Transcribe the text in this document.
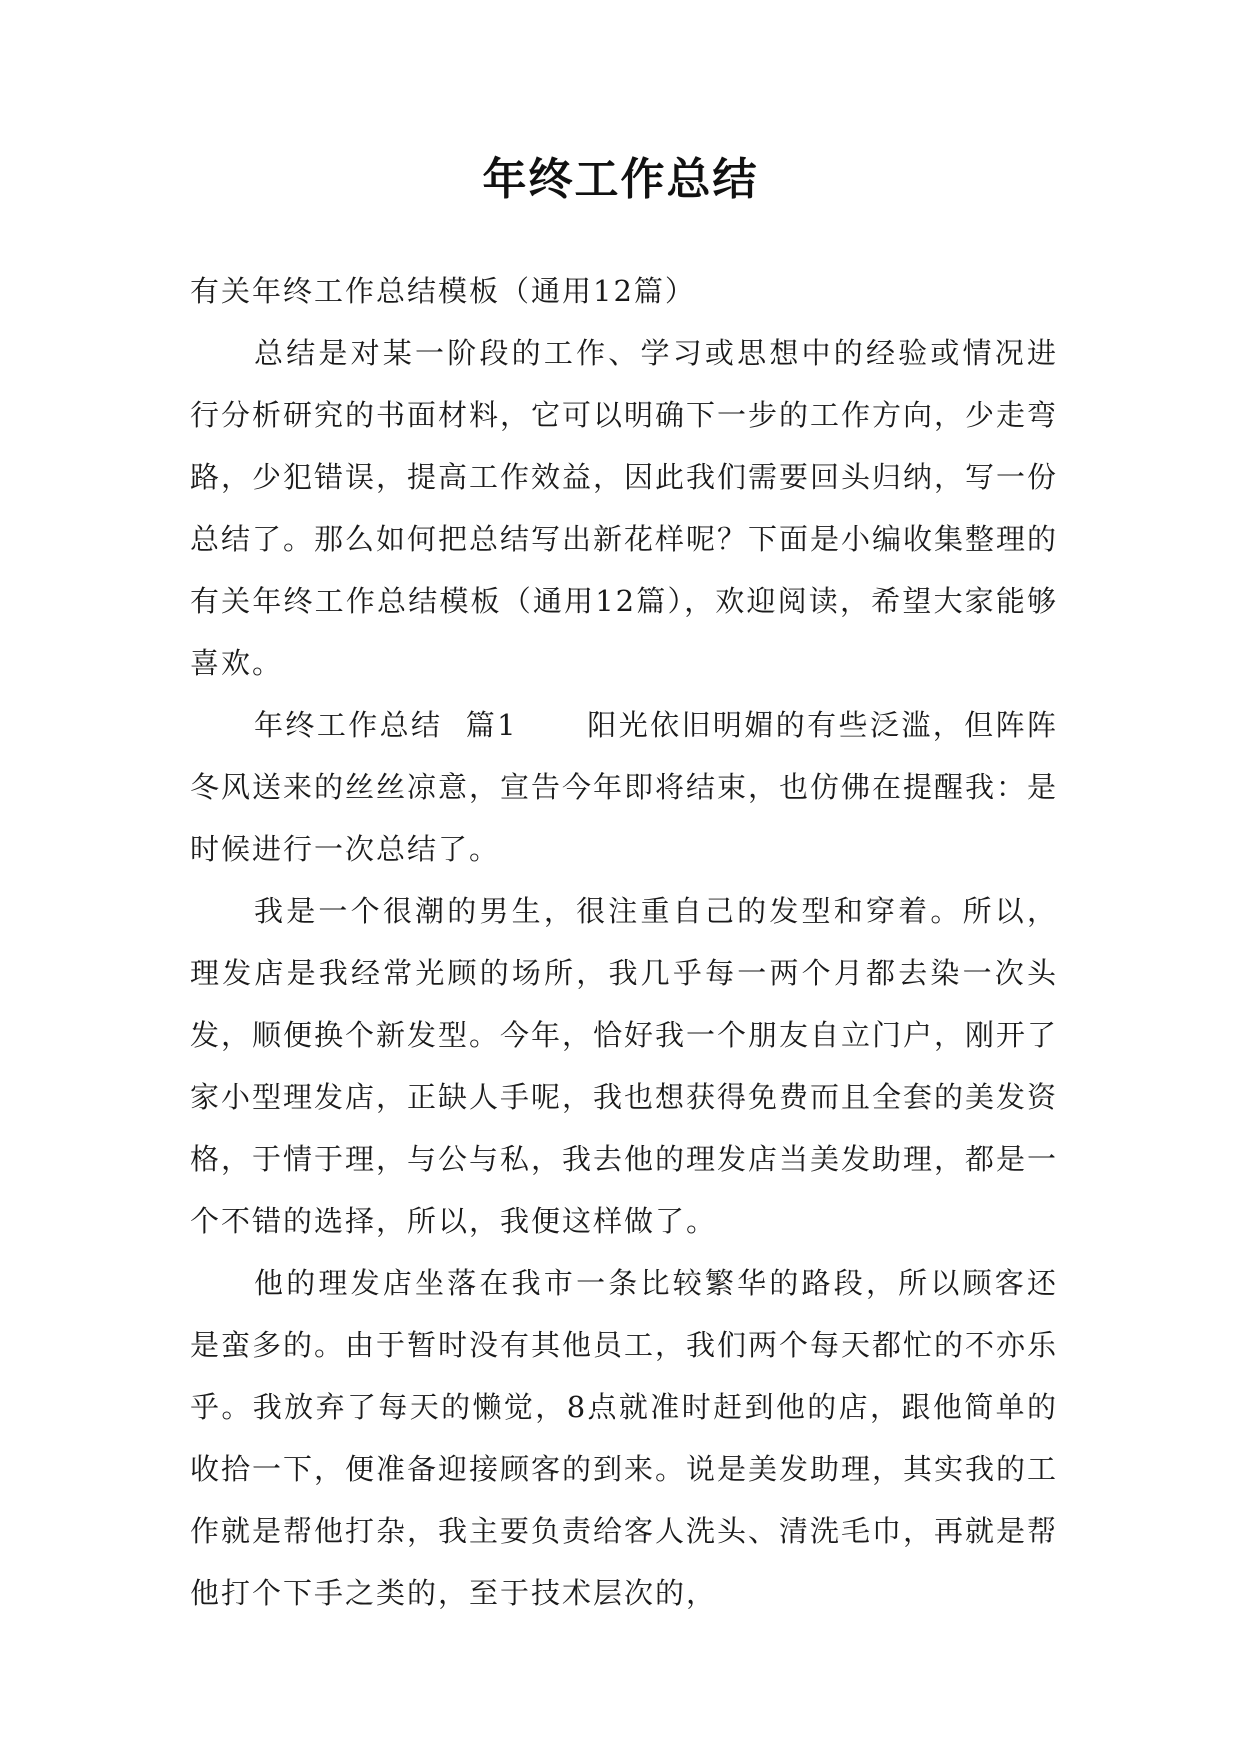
年终工作总结

有关年终工作总结模板（通用12篇）

总结是对某一阶段的工作、学习或思想中的经验或情况进行分析研究的书面材料，它可以明确下一步的工作方向，少走弯路，少犯错误，提高工作效益，因此我们需要回头归纳，写一份总结了。那么如何把总结写出新花样呢？下面是小编收集整理的有关年终工作总结模板（通用12篇），欢迎阅读，希望大家能够喜欢。

年终工作总结  篇1      阳光依旧明媚的有些泛滥，但阵阵冬风送来的丝丝凉意，宣告今年即将结束，也仿佛在提醒我：是时候进行一次总结了。

我是一个很潮的男生，很注重自己的发型和穿着。所以，理发店是我经常光顾的场所，我几乎每一两个月都去染一次头发，顺便换个新发型。今年，恰好我一个朋友自立门户，刚开了家小型理发店，正缺人手呢，我也想获得免费而且全套的美发资格，于情于理，与公与私，我去他的理发店当美发助理，都是一个不错的选择，所以，我便这样做了。

他的理发店坐落在我市一条比较繁华的路段，所以顾客还是蛮多的。由于暂时没有其他员工，我们两个每天都忙的不亦乐乎。我放弃了每天的懒觉，8点就准时赶到他的店，跟他简单的收拾一下，便准备迎接顾客的到来。说是美发助理，其实我的工作就是帮他打杂，我主要负责给客人洗头、清洗毛巾，再就是帮他打个下手之类的，至于技术层次的，
